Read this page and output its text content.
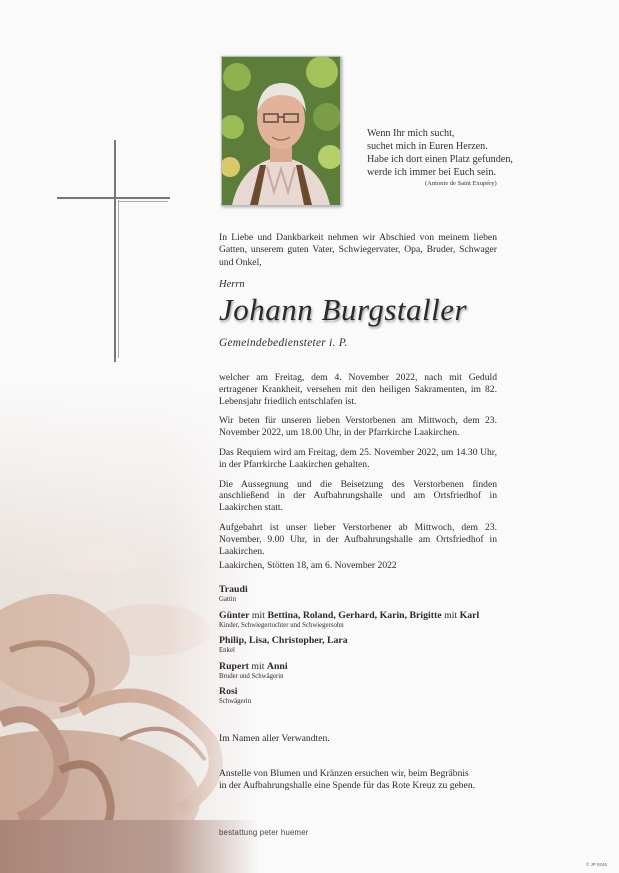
Wenn Ihr mich sucht,
suchet mich in Euren Herzen.
Habe ich dort einen Platz gefunden,
werde ich immer bei Euch sein.
(Antonie de Saint Exupéry)
In Liebe und Dankbarkeit nehmen wir Abschied von meinem lieben Gatten, unserem guten Vater, Schwiegervater, Opa, Bruder, Schwager und Onkel,
Herrn
Johann Burgstaller
Gemeindebediensteter i. P.

welcher am Freitag, dem 4. November 2022, nach mit Geduld ertragener Krankheit, versehen mit den heiligen Sakramenten, im 82. Lebensjahr friedlich entschlafen ist.

Wir beten für unseren lieben Verstorbenen am Mittwoch, dem 23. November 2022, um 18.00 Uhr, in der Pfarrkirche Laakirchen.

Das Requiem wird am Freitag, dem 25. November 2022, um 14.30 Uhr, in der Pfarrkirche Laakirchen gehalten.

Die Aussegnung und die Beisetzung des Verstorbenen finden anschließend in der Aufbahrungshalle und am Ortsfriedhof in Laakirchen statt.

Aufgebahrt ist unser lieber Verstorbener ab Mittwoch, dem 23. November, 9.00 Uhr, in der Aufbahrungshalle am Ortsfriedhof in Laakirchen.

Laakirchen, Stötten 18, am 6. November 2022
Traudi
Gattin
Günter mit Bettina, Roland, Gerhard, Karin, Brigitte mit Karl
Kinder, Schwiegertochter und Schwiegersohn
Philip, Lisa, Christopher, Lara
Enkel
Rupert mit Anni
Bruder und Schwägerin
Rosi
Schwägerin
Im Namen aller Verwandten.
Anstelle von Blumen und Kränzen ersuchen wir, beim Begräbnis
in der Aufbahrungshalle eine Spende für das Rote Kreuz zu geben.
bestattung peter huemer
© JP 9246
